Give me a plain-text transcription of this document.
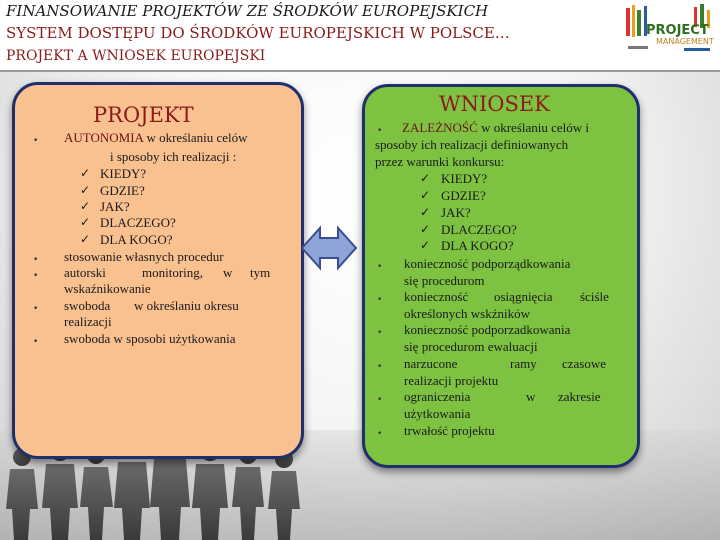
FINANSOWANIE PROJEKTÓW ZE ŚRODKÓW EUROPEJSKICH
SYSTEM DOSTĘPU DO ŚRODKÓW EUROPEJSKICH W POLSCE…
PROJEKT A WNIOSEK EUROPEJSKI
PROJECT
MANAGEMENT
PROJEKT
• AUTONOMIA w określaniu celów
i sposoby ich realizacji :
✓ KIEDY?
✓ GDZIE?
✓ JAK?
✓ DLACZEGO?
✓ DLA KOGO?
• stosowanie własnych procedur
• autorski	monitoring, w tym
wskaźnikowanie
• swoboda w określaniu okresu
realizacji
• swoboda w sposobi użytkowania
WNIOSEK
• ZALEŻNOŚĆ w określaniu celów i
sposoby ich realizacji definiowanych
przez warunki konkursu:
✓ KIEDY?
✓ GDZIE?
✓ JAK?
✓ DLACZEGO?
✓ DLA KOGO?
• konieczność podporządkowania
się procedurom
• konieczność osiągnięcia ściśle
określonych wskźników
• konieczność podporzadkowania
się procedurom ewaluacji
• narzucone	ramy czasowe
realizacji projektu
• ograniczenia	w zakresie
użytkowania
• trwałość projektu
